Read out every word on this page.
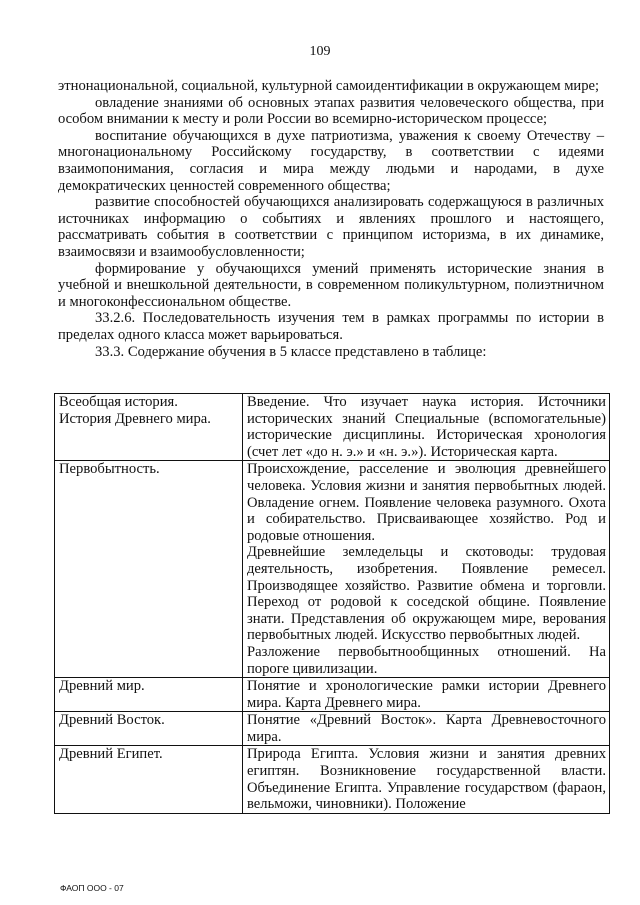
109

этнонациональной, социальной, культурной самоидентификации в окружающем мире;

овладение знаниями об основных этапах развития человеческого общества, при особом внимании к месту и роли России во всемирно-историческом процессе;

воспитание обучающихся в духе патриотизма, уважения к своему Отечеству – многонациональному Российскому государству, в соответствии с идеями взаимопонимания, согласия и мира между людьми и народами, в духе демократических ценностей современного общества;

развитие способностей обучающихся анализировать содержащуюся в различных источниках информацию о событиях и явлениях прошлого и настоящего, рассматривать события в соответствии с принципом историзма, в их динамике, взаимосвязи и взаимообусловленности;

формирование у обучающихся умений применять исторические знания в учебной и внешкольной деятельности, в современном поликультурном, полиэтничном и многоконфессиональном обществе.

33.2.6. Последовательность изучения тем в рамках программы по истории в пределах одного класса может варьироваться.

33.3. Содержание обучения в 5 классе представлено в таблице:

Всеобщая история.

История Древнего мира.	Введение. Что изучает наука история. Источники исторических знаний Специальные (вспомогательные) исторические дисциплины. Историческая хронология (счет лет «до н. э.» и «н. э.»). Историческая карта.

Первобытность.	Происхождение, расселение и эволюция древнейшего человека. Условия жизни и занятия первобытных людей. Овладение огнем. Появление человека разумного. Охота и собирательство. Присваивающее хозяйство. Род и родовые отношения.

Древнейшие земледельцы и скотоводы: трудовая деятельность, изобретения. Появление ремесел. Производящее хозяйство. Развитие обмена и торговли. Переход от родовой к соседской общине. Появление знати. Представления об окружающем мире, верования первобытных людей. Искусство первобытных людей.

Разложение первобытнообщинных отношений. На пороге цивилизации.

Древний мир.	Понятие и хронологические рамки истории Древнего мира. Карта Древнего мира.

Древний Восток.	Понятие «Древний Восток». Карта Древневосточного мира.

Древний Египет.	Природа Египта. Условия жизни и занятия древних египтян. Возникновение государственной власти. Объединение Египта. Управление государством (фараон, вельможи, чиновники). Положение

ФАОП ООО - 07
